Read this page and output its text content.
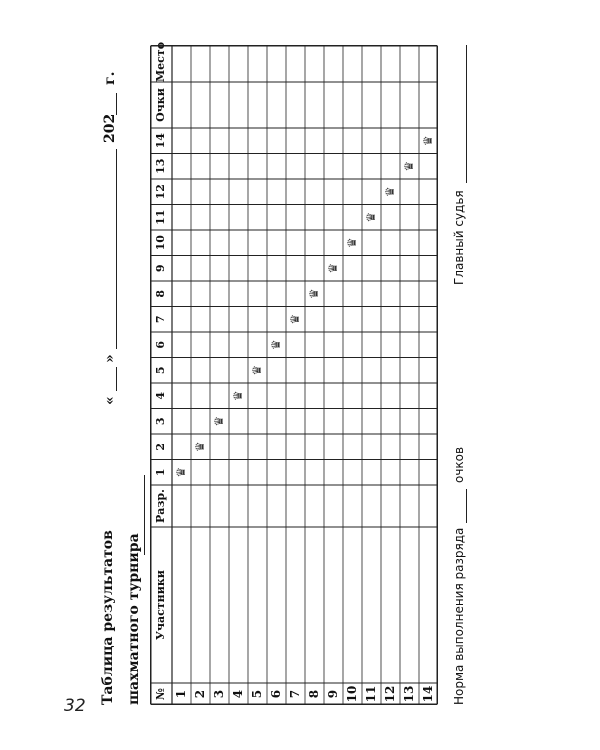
32
Таблица результатов шахматного турнира
«
»
202
г.
№
Участники
Разр.
1
2
3
4
5
6
7
8
9
10
11
12
13
14
Очки
Место
1
♛
2
♛
3
♛
4
♛
5
♛
6
♛
7
♛
8
♛
9
♛
10
♛
11
♛
12
♛
13
♛
14
♛
Норма выполнения разряда
очков
Главный судья
